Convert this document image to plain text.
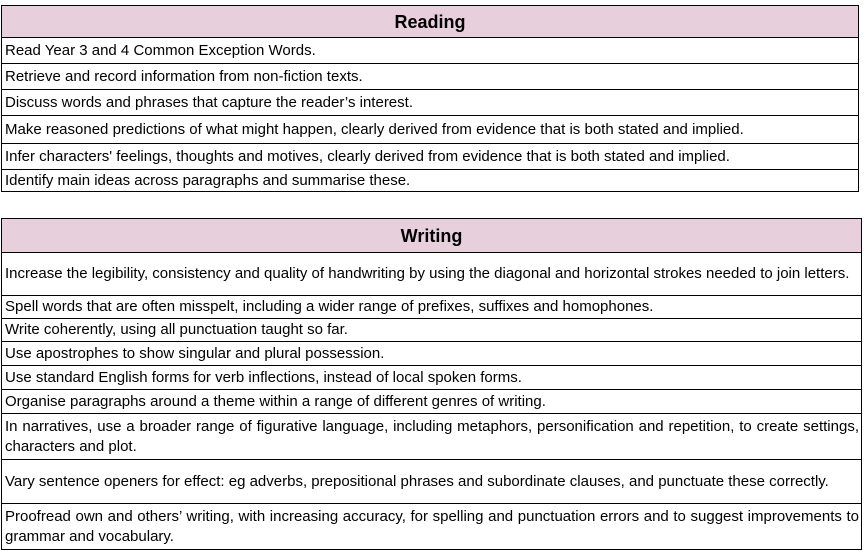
Reading
Read Year 3 and 4 Common Exception Words.
Retrieve and record information from non-fiction texts.
Discuss words and phrases that capture the reader’s interest.
Make reasoned predictions of what might happen, clearly derived from evidence that is both stated and implied.
Infer characters' feelings, thoughts and motives, clearly derived from evidence that is both stated and implied.
Identify main ideas across paragraphs and summarise these.
Writing
Increase the legibility, consistency and quality of handwriting by using the diagonal and horizontal strokes needed to join letters.
Spell words that are often misspelt, including a wider range of prefixes, suffixes and homophones.
Write coherently, using all punctuation taught so far.
Use apostrophes to show singular and plural possession.
Use standard English forms for verb inflections, instead of local spoken forms.
Organise paragraphs around a theme within a range of different genres of writing.
In narratives, use a broader range of figurative language, including metaphors, personification and repetition, to create settings, characters and plot.
Vary sentence openers for effect: eg adverbs, prepositional phrases and subordinate clauses, and punctuate these correctly.
Proofread own and others’ writing, with increasing accuracy, for spelling and punctuation errors and to suggest improvements to grammar and vocabulary.
